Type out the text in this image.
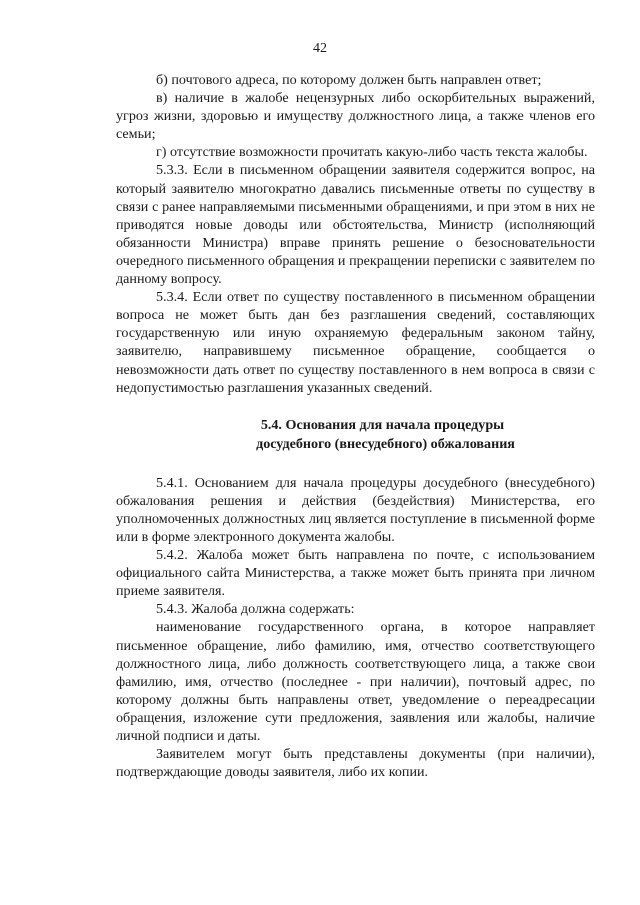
42

б) почтового адреса, по которому должен быть направлен ответ;

в) наличие в жалобе нецензурных либо оскорбительных выражений, угроз жизни, здоровью и имуществу должностного лица, а также членов его семьи;

г) отсутствие возможности прочитать какую-либо часть текста жалобы.

5.3.3. Если в письменном обращении заявителя содержится вопрос, на который заявителю многократно давались письменные ответы по существу в связи с ранее направляемыми письменными обращениями, и при этом в них не приводятся новые доводы или обстоятельства, Министр (исполняющий обязанности Министра) вправе принять решение о безосновательности очередного письменного обращения и прекращении переписки с заявителем по данному вопросу.

5.3.4. Если ответ по существу поставленного в письменном обращении вопроса не может быть дан без разглашения сведений, составляющих государственную или иную охраняемую федеральным законом тайну, заявителю, направившему письменное обращение, сообщается о невозможности дать ответ по существу поставленного в нем вопроса в связи с недопустимостью разглашения указанных сведений.

5.4. Основания для начала процедуры
досудебного (внесудебного) обжалования

5.4.1. Основанием для начала процедуры досудебного (внесудебного) обжалования решения и действия (бездействия) Министерства, его уполномоченных должностных лиц является поступление в письменной форме или в форме электронного документа жалобы.

5.4.2. Жалоба может быть направлена по почте, с использованием официального сайта Министерства, а также может быть принята при личном приеме заявителя.

5.4.3. Жалоба должна содержать:

наименование государственного органа, в которое направляет письменное обращение, либо фамилию, имя, отчество соответствующего должностного лица, либо должность соответствующего лица, а также свои фамилию, имя, отчество (последнее - при наличии), почтовый адрес, по которому должны быть направлены ответ, уведомление о переадресации обращения, изложение сути предложения, заявления или жалобы, наличие личной подписи и даты.

Заявителем могут быть представлены документы (при наличии), подтверждающие доводы заявителя, либо их копии.
